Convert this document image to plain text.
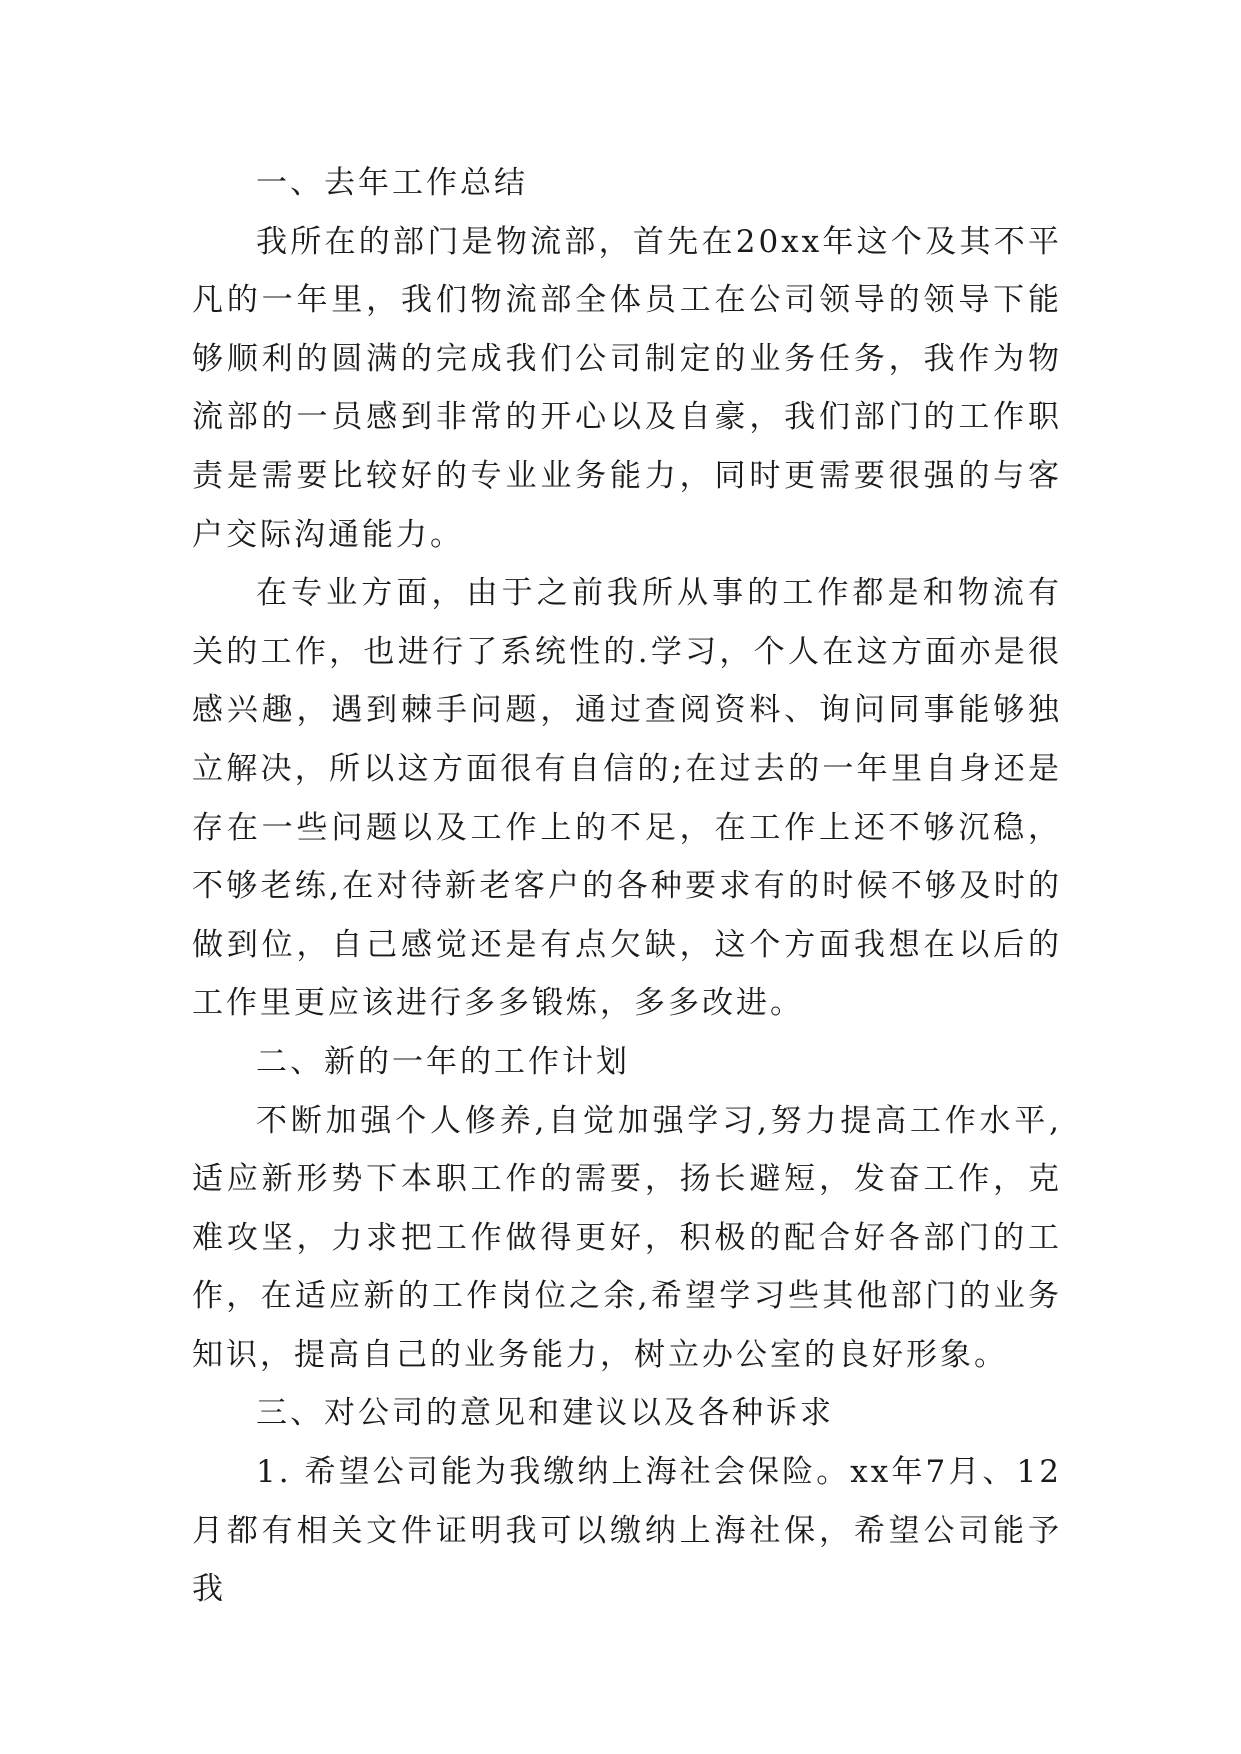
一、去年工作总结

我所在的部门是物流部，首先在20xx年这个及其不平凡的一年里，我们物流部全体员工在公司领导的领导下能够顺利的圆满的完成我们公司制定的业务任务，我作为物流部的一员感到非常的开心以及自豪，我们部门的工作职责是需要比较好的专业业务能力，同时更需要很强的与客户交际沟通能力。

在专业方面，由于之前我所从事的工作都是和物流有关的工作，也进行了系统性的.学习，个人在这方面亦是很感兴趣，遇到棘手问题，通过查阅资料、询问同事能够独立解决，所以这方面很有自信的;在过去的一年里自身还是存在一些问题以及工作上的不足，在工作上还不够沉稳，不够老练,在对待新老客户的各种要求有的时候不够及时的做到位，自己感觉还是有点欠缺，这个方面我想在以后的工作里更应该进行多多锻炼，多多改进。

二、新的一年的工作计划

不断加强个人修养,自觉加强学习,努力提高工作水平,适应新形势下本职工作的需要，扬长避短，发奋工作，克难攻坚，力求把工作做得更好，积极的配合好各部门的工作，在适应新的工作岗位之余,希望学习些其他部门的业务知识，提高自己的业务能力，树立办公室的良好形象。

三、对公司的意见和建议以及各种诉求

1. 希望公司能为我缴纳上海社会保险。xx年7月、12月都有相关文件证明我可以缴纳上海社保，希望公司能予我
